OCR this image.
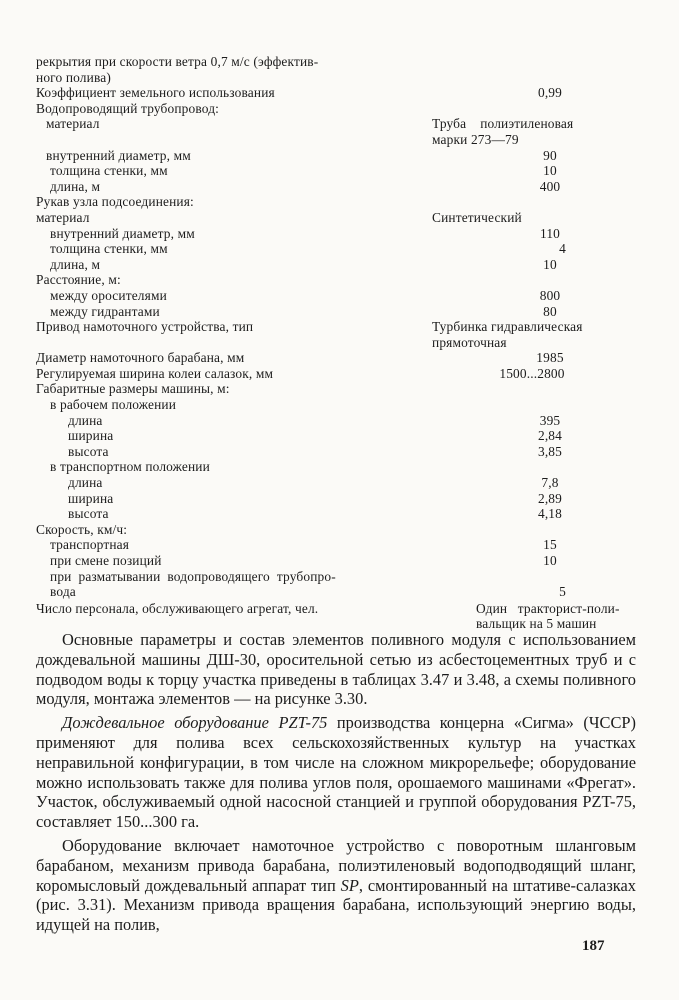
рекрытия при скорости ветра 0,7 м/с (эффектив-
ного полива)
Коэффициент земельного использования	0,99
Водопроводящий трубопровод:
материал	Труба    полиэтиленовая

марки 273—79
внутренний диаметр, мм	90
толщина стенки, мм	10
длина, м	400
Рукав узла подсоединения:
материал	Синтетический
внутренний диаметр, мм	110
толщина стенки, мм	4
длина, м	10
Расстояние, м:
между оросителями	800
между гидрантами	80
Привод намоточного устройства, тип	Турбинка гидравлическая

прямоточная
Диаметр намоточного барабана, мм	1985
Регулируемая ширина колеи салазок, мм	1500...2800
Габаритные размеры машины, м:
в рабочем положении
длина	395
ширина	2,84
высота	3,85
в транспортном положении
длина	7,8
ширина	2,89
высота	4,18
Скорость, км/ч:
транспортная	15
при смене позиций	10
при  разматывании  водопроводящего  трубопро-
вода	5
Число персонала, обслуживающего агрегат, чел.	Один   тракторист-поли-

вальщик на 5 машин

Основные параметры и состав элементов поливного модуля с использованием дождевальной машины ДШ-30, оросительной сетью из асбестоцементных труб и с подводом воды к торцу участка приведены в таблицах 3.47 и 3.48, а схемы поливного модуля, монтажа элементов — на рисунке 3.30.

Дождевальное оборудование PZT-75 производства концерна «Сигма» (ЧССР) применяют для полива всех сельскохозяйственных культур на участках неправильной конфигурации, в том числе на сложном микрорельефе; оборудование можно использовать также для полива углов поля, орошаемого машинами «Фрегат». Участок, обслуживаемый одной насосной станцией и группой оборудования PZT-75, составляет 150...300 га.

Оборудование включает намоточное устройство с поворотным шланговым барабаном, механизм привода барабана, полиэтиленовый водоподводящий шланг, коромысловый дождевальный аппарат тип SP, смонтированный на штативе-салазках (рис. 3.31). Механизм привода вращения барабана, использующий энергию воды, идущей на полив,

187
